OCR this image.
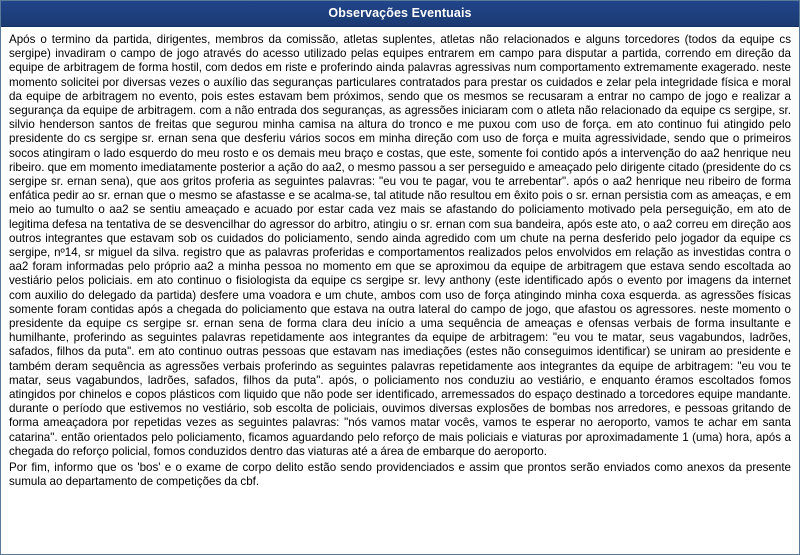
Observações Eventuais

Após o termino da partida, dirigentes, membros da comissão, atletas suplentes, atletas não relacionados e alguns torcedores (todos da equipe cs sergipe) invadiram o campo de jogo através do acesso utilizado pelas equipes entrarem em campo para disputar a partida, correndo em direção da equipe de arbitragem de forma hostil, com dedos em riste e proferindo ainda palavras agressivas num comportamento extremamente exagerado. neste momento solicitei por diversas vezes o auxílio das seguranças particulares contratados para prestar os cuidados e zelar pela integridade física e moral da equipe de arbitragem no evento, pois estes estavam bem próximos, sendo que os mesmos se recusaram a entrar no campo de jogo e realizar a segurança da equipe de arbitragem. com a não entrada dos seguranças, as agressões iniciaram com o atleta não relacionado da equipe cs sergipe, sr. silvio henderson santos de freitas que segurou minha camisa na altura do tronco e me puxou com uso de força. em ato continuo fui atingido pelo presidente do cs sergipe sr. ernan sena que desferiu vários socos em minha direção com uso de força e muita agressividade, sendo que o primeiros socos atingiram o lado esquerdo do meu rosto e os demais meu braço e costas, que este, somente foi contido após a intervenção do aa2 henrique neu ribeiro. que em momento imediatamente posterior a ação do aa2, o mesmo passou a ser perseguido e ameaçado pelo dirigente citado (presidente do cs sergipe sr. ernan sena), que aos gritos proferia as seguintes palavras: "eu vou te pagar, vou te arrebentar". após o aa2 henrique neu ribeiro de forma enfática pedir ao sr. ernan que o mesmo se afastasse e se acalma-se, tal atitude não resultou em êxito pois o sr. ernan persistia com as ameaças, e em meio ao tumulto o aa2 se sentiu ameaçado e acuado por estar cada vez mais se afastando do policiamento motivado pela perseguição, em ato de legitima defesa na tentativa de se desvencilhar do agressor do arbitro, atingiu o sr. ernan com sua bandeira, após este ato, o aa2 correu em direção aos outros integrantes que estavam sob os cuidados do policiamento, sendo ainda agredido com um chute na perna desferido pelo jogador da equipe cs sergipe, nº14, sr miguel da silva. registro que as palavras proferidas e comportamentos realizados pelos envolvidos em relação as investidas contra o aa2 foram informadas pelo próprio aa2 a minha pessoa no momento em que se aproximou da equipe de arbitragem que estava sendo escoltada ao vestiário pelos policiais. em ato continuo o fisiologista da equipe cs sergipe sr. levy anthony (este identificado após o evento por imagens da internet com auxilio do delegado da partida) desfere uma voadora e um chute, ambos com uso de força atingindo minha coxa esquerda. as agressões físicas somente foram contidas após a chegada do policiamento que estava na outra lateral do campo de jogo, que afastou os agressores. neste momento o presidente da equipe cs sergipe sr. ernan sena de forma clara deu início a uma sequência de ameaças e ofensas verbais de forma insultante e humilhante, proferindo as seguintes palavras repetidamente aos integrantes da equipe de arbitragem: "eu vou te matar, seus vagabundos, ladrões, safados, filhos da puta". em ato continuo outras pessoas que estavam nas imediações (estes não conseguimos identificar) se uniram ao presidente e também deram sequência as agressões verbais proferindo as seguintes palavras repetidamente aos integrantes da equipe de arbitragem: "eu vou te matar, seus vagabundos, ladrões, safados, filhos da puta". após, o policiamento nos conduziu ao vestiário, e enquanto éramos escoltados fomos atingidos por chinelos e copos plásticos com liquido que não pode ser identificado, arremessados do espaço destinado a torcedores equipe mandante. durante o período que estivemos no vestiário, sob escolta de policiais, ouvimos diversas explosões de bombas nos arredores, e pessoas gritando de forma ameaçadora por repetidas vezes as seguintes palavras: "nós vamos matar vocês, vamos te esperar no aeroporto, vamos te achar em santa catarina". então orientados pelo policiamento, ficamos aguardando pelo reforço de mais policiais e viaturas por aproximadamente 1 (uma) hora, após a chegada do reforço policial, fomos conduzidos dentro das viaturas até a área de embarque do aeroporto.

Por fim, informo que os 'bos' e o exame de corpo delito estão sendo providenciados e assim que prontos serão enviados como anexos da presente sumula ao departamento de competições da cbf.
